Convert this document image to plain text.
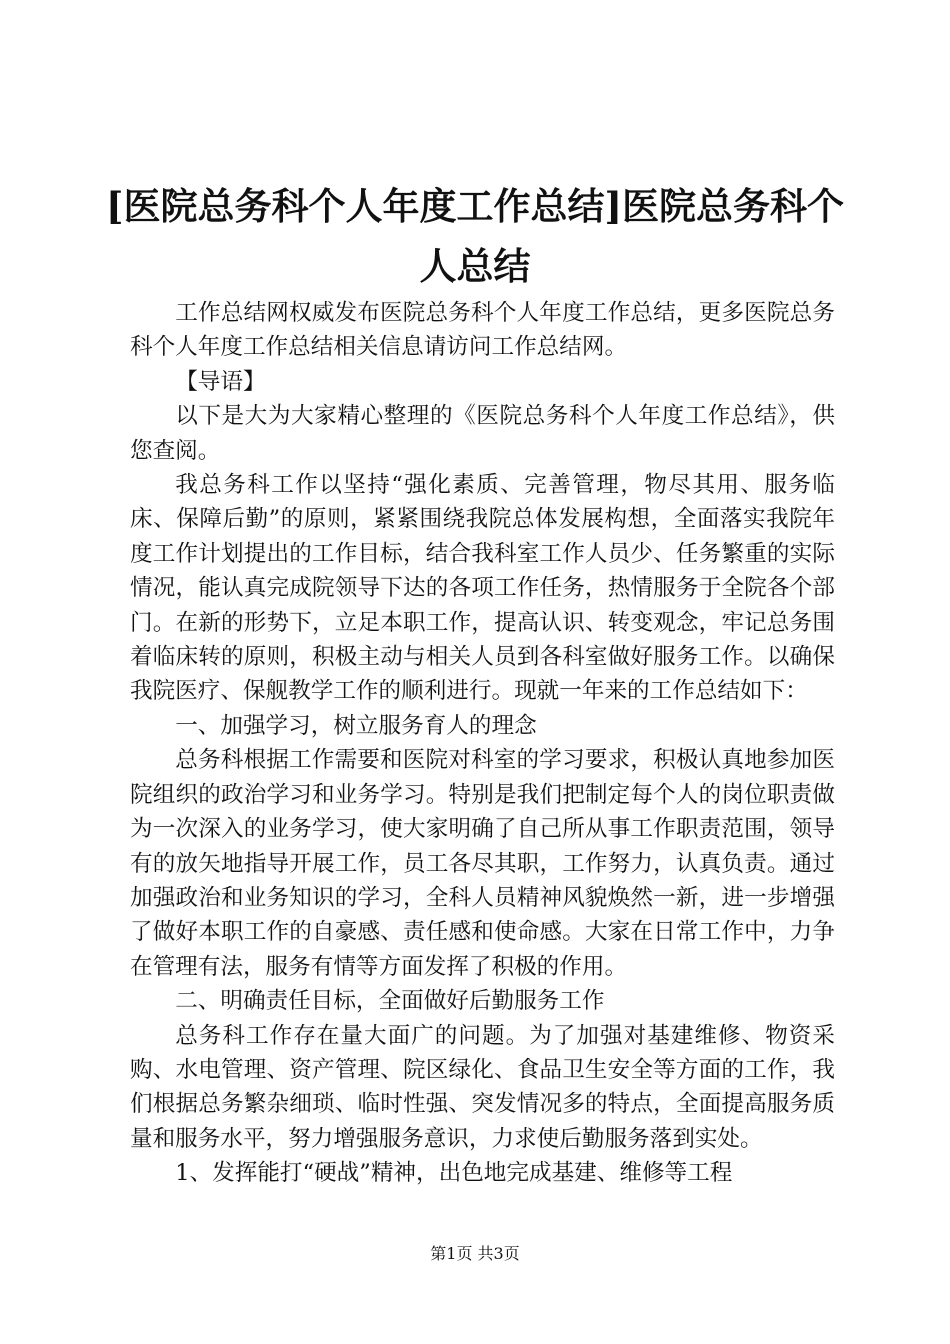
[医院总务科个人年度工作总结]医院总务科个
人总结

工作总结网权威发布医院总务科个人年度工作总结，更多医院总务科个人年度工作总结相关信息请访问工作总结网。

【导语】

以下是大为大家精心整理的《医院总务科个人年度工作总结》，供您查阅。

我总务科工作以坚持“强化素质、完善管理，物尽其用、服务临床、保障后勤”的原则，紧紧围绕我院总体发展构想，全面落实我院年度工作计划提出的工作目标，结合我科室工作人员少、任务繁重的实际情况，能认真完成院领导下达的各项工作任务，热情服务于全院各个部门。在新的形势下，立足本职工作，提高认识、转变观念，牢记总务围着临床转的原则，积极主动与相关人员到各科室做好服务工作。以确保我院医疗、保舰教学工作的顺利进行。现就一年来的工作总结如下：

一、加强学习，树立服务育人的理念

总务科根据工作需要和医院对科室的学习要求，积极认真地参加医院组织的政治学习和业务学习。特别是我们把制定每个人的岗位职责做为一次深入的业务学习，使大家明确了自己所从事工作职责范围，领导有的放矢地指导开展工作，员工各尽其职，工作努力，认真负责。通过加强政治和业务知识的学习，全科人员精神风貌焕然一新，进一步增强了做好本职工作的自豪感、责任感和使命感。大家在日常工作中，力争在管理有法，服务有情等方面发挥了积极的作用。

二、明确责任目标，全面做好后勤服务工作

总务科工作存在量大面广的问题。为了加强对基建维修、物资采购、水电管理、资产管理、院区绿化、食品卫生安全等方面的工作，我们根据总务繁杂细琐、临时性强、突发情况多的特点，全面提高服务质量和服务水平，努力增强服务意识，力求使后勤服务落到实处。

1、发挥能打“硬战”精神，出色地完成基建、维修等工程

第1页 共3页
